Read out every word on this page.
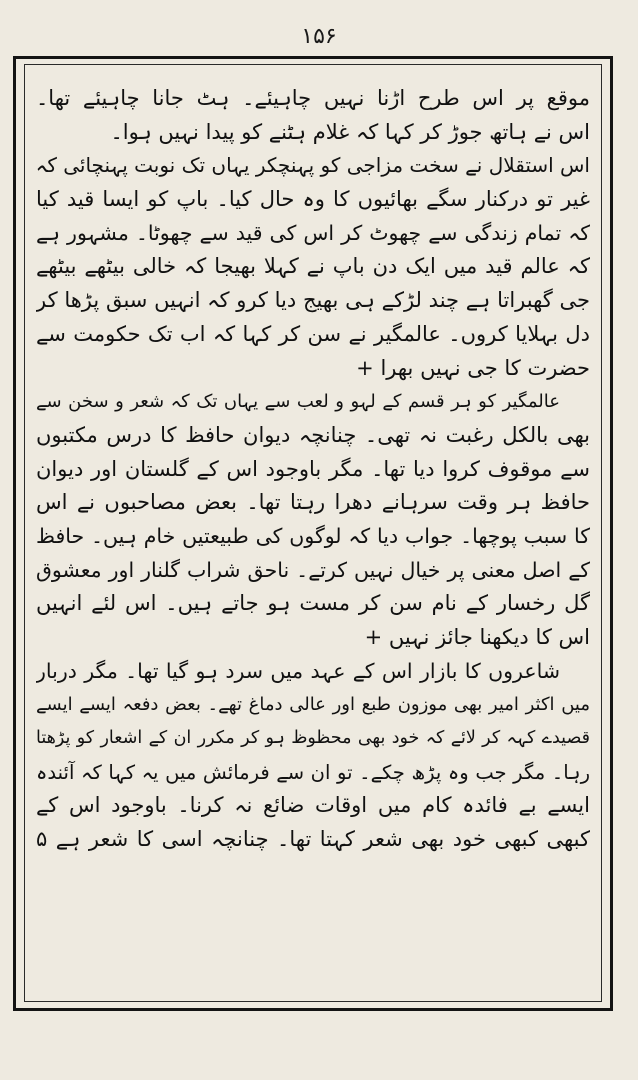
۱۵۶
موقع پر اس طرح اڑنا نہیں چاہیئے۔ ہٹ جانا چاہیئے تھا۔
اس نے ہاتھ جوڑ کر کہا کہ غلام ہٹنے کو پیدا نہیں ہوا۔
اس استقلال نے سخت مزاجی کو پہنچکر یہاں تک نوبت پہنچائی کہ
غیر تو درکنار سگے بھائیوں کا وہ حال کیا۔ باپ کو ایسا قید کیا
کہ تمام زندگی سے چھوٹ کر اس کی قید سے چھوٹا۔ مشہور ہے
کہ عالم قید میں ایک دن باپ نے کہلا بھیجا کہ خالی بیٹھے بیٹھے
جی گھبراتا ہے چند لڑکے ہی بھیج دیا کرو کہ انہیں سبق پڑھا کر
دل بہلایا کروں۔ عالمگیر نے سن کر کہا کہ اب تک حکومت سے
حضرت کا جی نہیں بھرا +
عالمگیر کو ہر قسم کے لہو و لعب سے یہاں تک کہ شعر و سخن سے
بھی بالکل رغبت نہ تھی۔ چنانچہ دیوان حافظ کا درس مکتبوں
سے موقوف کروا دیا تھا۔ مگر باوجود اس کے گلستان اور دیوان
حافظ ہر وقت سرہانے دھرا رہتا تھا۔ بعض مصاحبوں نے اس
کا سبب پوچھا۔ جواب دیا کہ لوگوں کی طبیعتیں خام ہیں۔ حافظ
کے اصل معنی پر خیال نہیں کرتے۔ ناحق شراب گلنار اور معشوق
گل رخسار کے نام سن کر مست ہو جاتے ہیں۔ اس لئے انہیں
اس کا دیکھنا جائز نہیں +
شاعروں کا بازار اس کے عہد میں سرد ہو گیا تھا۔ مگر دربار
میں اکثر امیر بھی موزون طبع اور عالی دماغ تھے۔ بعض دفعہ ایسے ایسے
قصیدے کہہ کر لائے کہ خود بھی محظوظ ہو کر مکرر ان کے اشعار کو پڑھتا
رہا۔ مگر جب وہ پڑھ چکے۔ تو ان سے فرمائش میں یہ کہا کہ آئندہ
ایسے بے فائدہ کام میں اوقات ضائع نہ کرنا۔ باوجود اس کے
کبھی کبھی خود بھی شعر کہتا تھا۔ چنانچہ اسی کا شعر ہے ۵
